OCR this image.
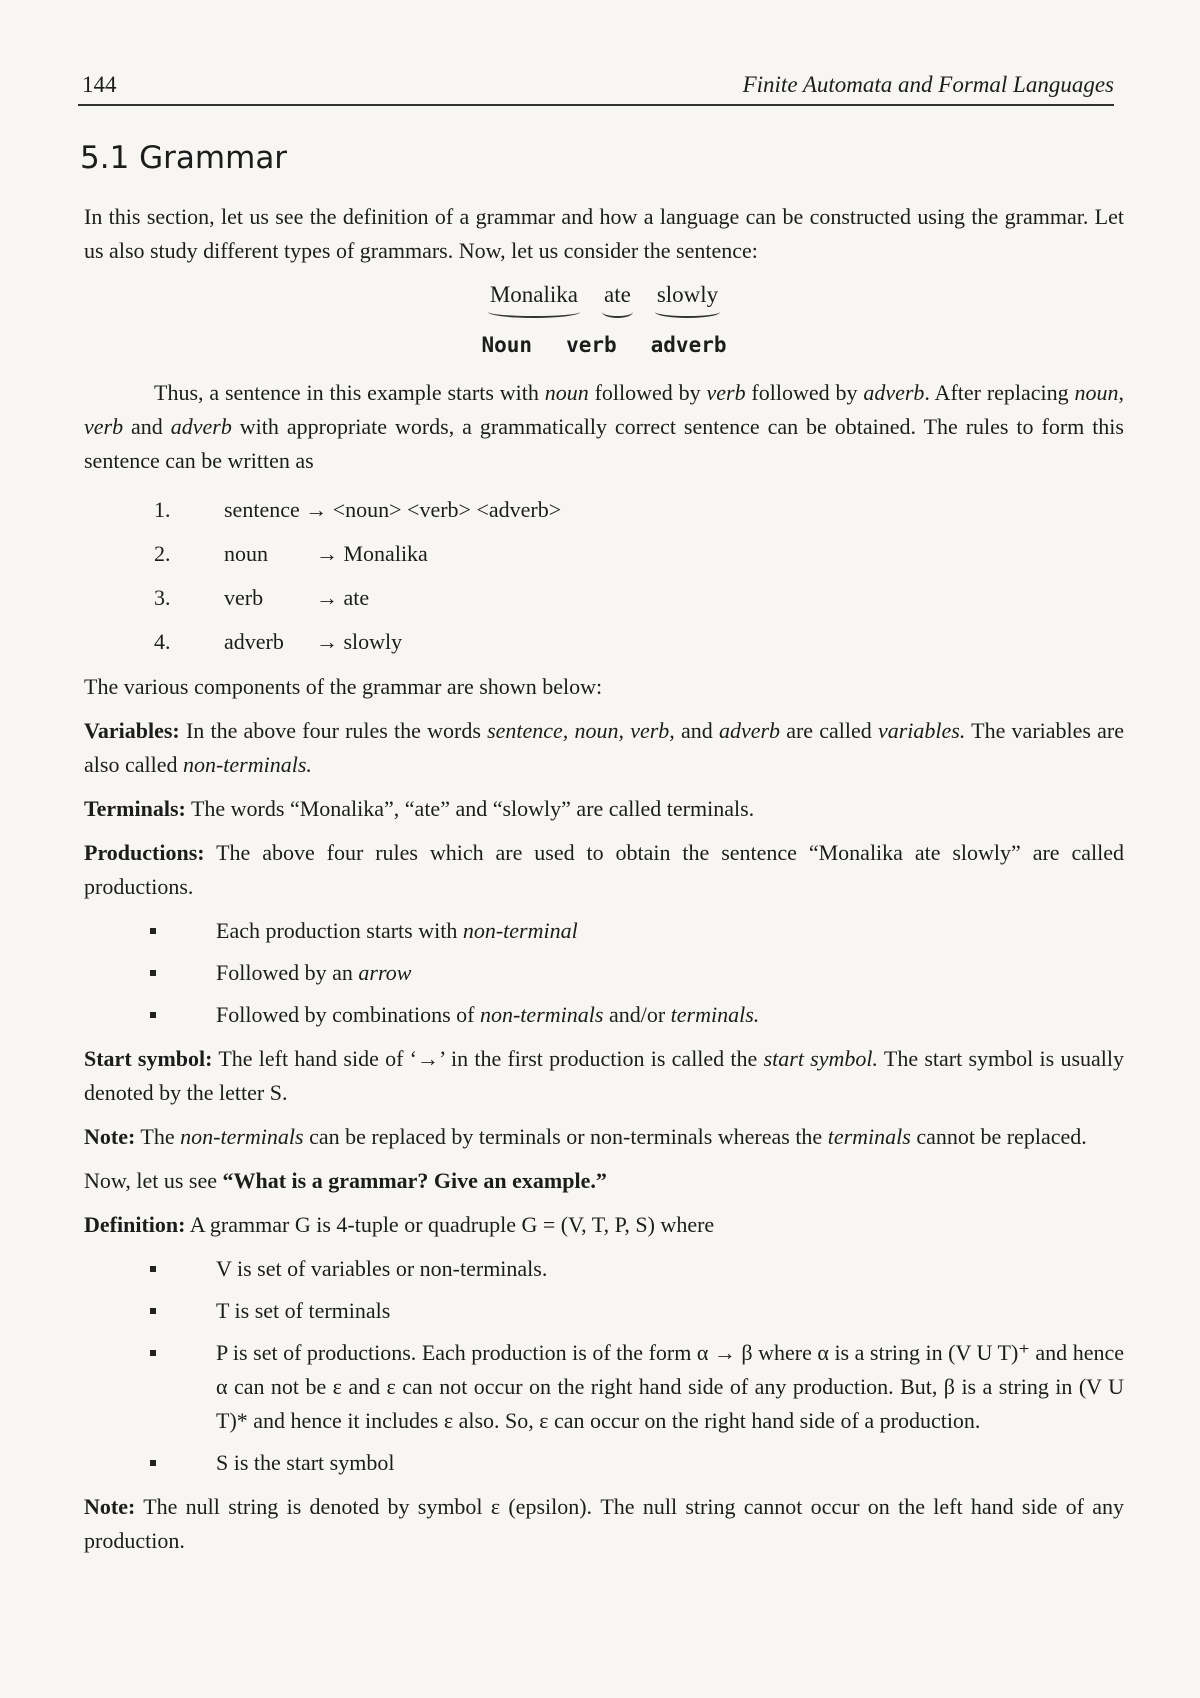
144	Finite Automata and Formal Languages
5.1 Grammar

In this section, let us see the definition of a grammar and how a language can be constructed using the grammar. Let us also study different types of grammars. Now, let us consider the sentence:

Monalika ate slowly
Noun verb adverb

Thus, a sentence in this example starts with noun followed by verb followed by adverb. After replacing noun, verb and adverb with appropriate words, a grammatically correct sentence can be obtained. The rules to form this sentence can be written as

1.	sentence → <noun> <verb> <adverb>
2.	noun	→ Monalika
3.	verb	→ ate
4.	adverb	→ slowly

The various components of the grammar are shown below:

Variables: In the above four rules the words sentence, noun, verb, and adverb are called variables. The variables are also called non-terminals.

Terminals: The words “Monalika”, “ate” and “slowly” are called terminals.

Productions: The above four rules which are used to obtain the sentence “Monalika ate slowly” are called productions.

Each production starts with non-terminal
Followed by an arrow
Followed by combinations of non-terminals and/or terminals.

Start symbol: The left hand side of ‘→’ in the first production is called the start symbol. The start symbol is usually denoted by the letter S.

Note: The non-terminals can be replaced by terminals or non-terminals whereas the terminals cannot be replaced.

Now, let us see “What is a grammar? Give an example.”

Definition: A grammar G is 4-tuple or quadruple G = (V, T, P, S) where

V is set of variables or non-terminals.
T is set of terminals
P is set of productions. Each production is of the form α → β where α is a string in (V U T)⁺ and hence α can not be ε and ε can not occur on the right hand side of any production. But, β is a string in (V U T)* and hence it includes ε also. So, ε can occur on the right hand side of a production.
S is the start symbol

Note: The null string is denoted by symbol ε (epsilon). The null string cannot occur on the left hand side of any production.
